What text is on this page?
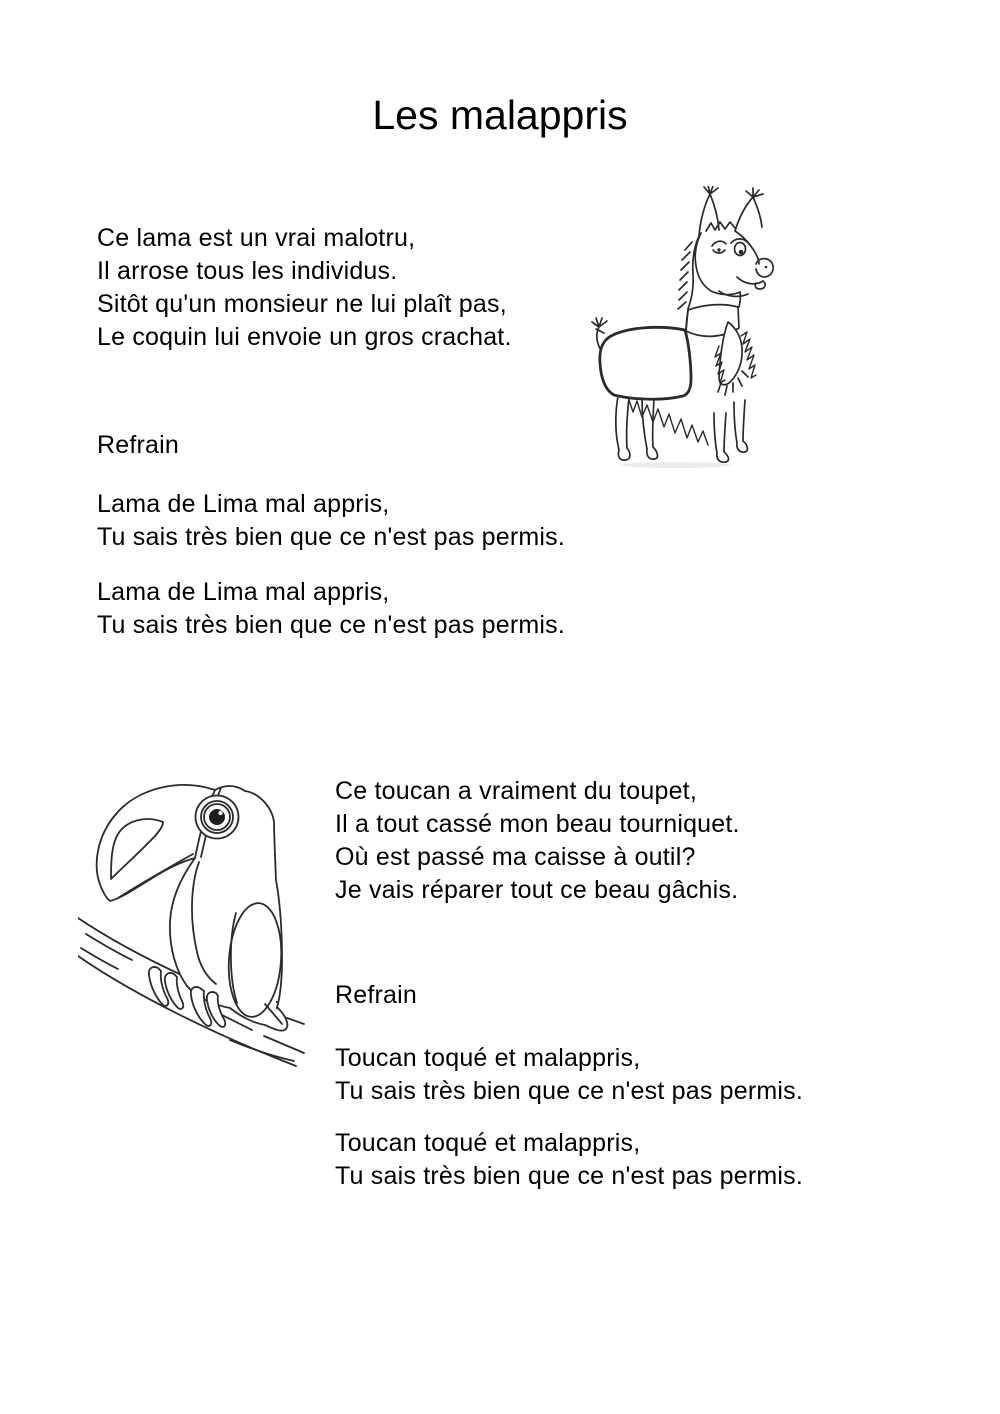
Les malappris
Ce lama est un vrai malotru,
Il arrose tous les individus.
Sitôt qu'un monsieur ne lui plaît pas,
Le coquin lui envoie un gros crachat.
Refrain
Lama de Lima mal appris,
Tu sais très bien que ce n'est pas permis.
Lama de Lima mal appris,
Tu sais très bien que ce n'est pas permis.
Ce toucan a vraiment du toupet,
Il a tout cassé mon beau tourniquet.
Où est passé ma caisse à outil?
Je vais réparer tout ce beau gâchis.
Refrain
Toucan toqué et malappris,
Tu sais très bien que ce n'est pas permis.
Toucan toqué et malappris,
Tu sais très bien que ce n'est pas permis.
